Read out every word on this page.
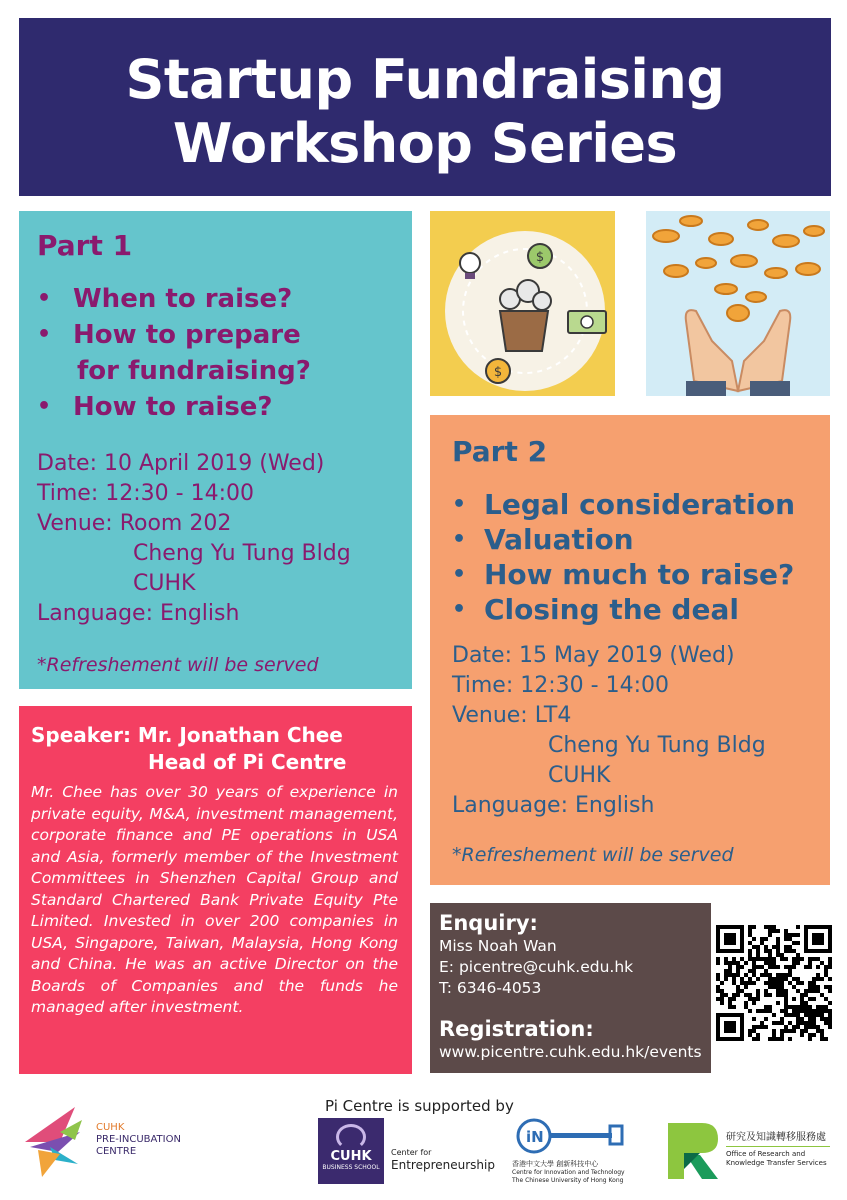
Startup Fundraising
Workshop Series
Part 1
• When to raise?
• How to prepare
for fundraising?
• How to raise?
Date: 10 April 2019 (Wed)
Time: 12:30 - 14:00
Venue: Room 202
Cheng Yu Tung Bldg
CUHK
Language: English
*Refreshement will be served
$
$
Part 2
• Legal consideration
• Valuation
• How much to raise?
• Closing the deal
Date: 15 May 2019 (Wed)
Time: 12:30 - 14:00
Venue: LT4
Cheng Yu Tung Bldg
CUHK
Language: English
*Refreshement will be served
Speaker: Mr. Jonathan Chee
Head of Pi Centre
Mr. Chee has over 30 years of experience in private equity, M&A, investment management, corporate finance and PE operations in USA and Asia, formerly member of the Investment Committees in Shenzhen Capital Group and Standard Chartered Bank Private Equity Pte Limited. Invested in over 200 companies in USA, Singapore, Taiwan, Malaysia, Hong Kong and China. He was an active Director on the Boards of Companies and the funds he managed after investment.
Enquiry:
Miss Noah Wan
E: picentre@cuhk.edu.hk
T: 6346-4053
Registration:
www.picentre.cuhk.edu.hk/events
Pi Centre is supported by
CUHK
PRE-INCUBATION
CENTRE	CUHK
BUSINESS SCHOOL
Center for
Entrepreneurship
iN
香港中文大學 創新科技中心
Centre for Innovation and Technology
The Chinese University of Hong Kong
研究及知識轉移服務處
Office of Research and
Knowledge Transfer Services
